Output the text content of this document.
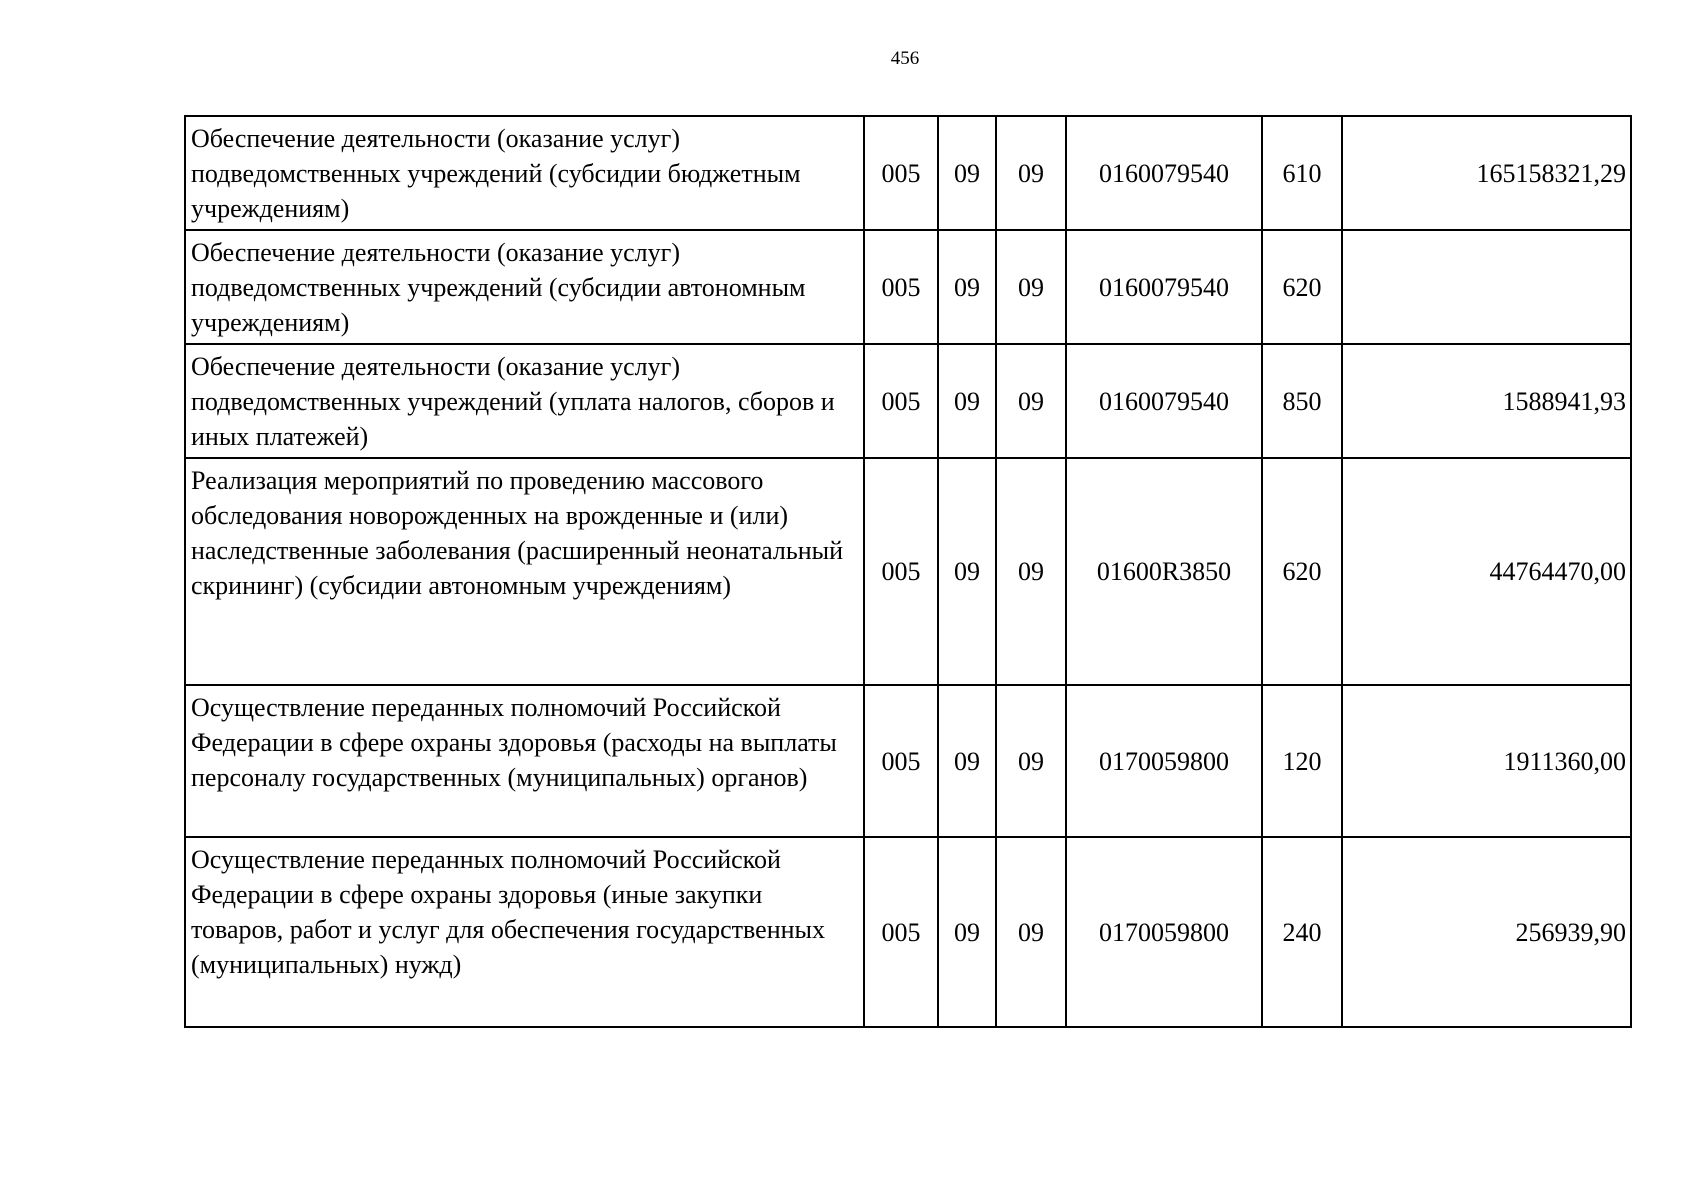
456
Обеспечение деятельности (оказание услуг) подведомственных учреждений (субсидии бюджетным учреждениям)	005	09	09	0160079540	610	165158321,29
Обеспечение деятельности (оказание услуг) подведомственных учреждений (субсидии автономным учреждениям)	005	09	09	0160079540	620	
Обеспечение деятельности (оказание услуг) подведомственных учреждений (уплата налогов, сборов и иных платежей)	005	09	09	0160079540	850	1588941,93
Реализация мероприятий по проведению массового обследования новорожденных на врожденные и (или) наследственные заболевания (расширенный неонатальный скрининг) (субсидии автономным учреждениям)	005	09	09	01600R3850	620	44764470,00
Осуществление переданных полномочий Российской Федерации в сфере охраны здоровья (расходы на выплаты персоналу государственных (муниципальных) органов)	005	09	09	0170059800	120	1911360,00
Осуществление переданных полномочий Российской Федерации в сфере охраны здоровья (иные закупки товаров, работ и услуг для обеспечения государственных (муниципальных) нужд)	005	09	09	0170059800	240	256939,90
